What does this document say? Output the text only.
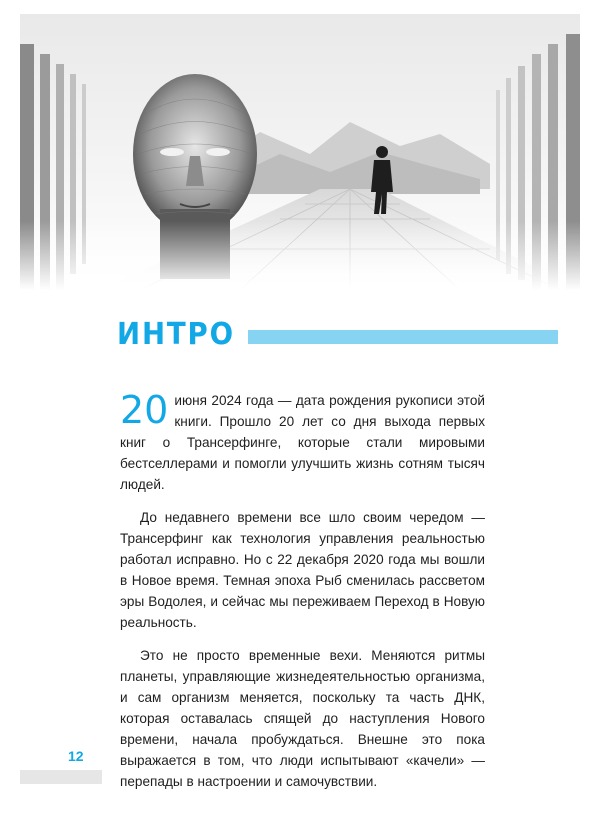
ИНТРО

20 июня 2024 года — дата рождения рукописи этой книги. Прошло 20 лет со дня выхода первых книг о Трансерфинге, которые стали мировыми бестселлерами и помогли улучшить жизнь сотням тысяч людей.

До недавнего времени все шло своим чередом — Трансерфинг как технология управления реальностью работал исправно. Но с 22 декабря 2020 года мы вошли в Новое время. Темная эпоха Рыб сменилась рассветом эры Водолея, и сейчас мы переживаем Переход в Новую реальность.

Это не просто временные вехи. Меняются ритмы планеты, управляющие жизнедеятельностью организма, и сам организм меняется, поскольку та часть ДНК, которая оставалась спящей до наступления Нового времени, начала пробуждаться. Внешне это пока выражается в том, что люди испытывают «качели» — перепады в настроении и самочувствии.

12
